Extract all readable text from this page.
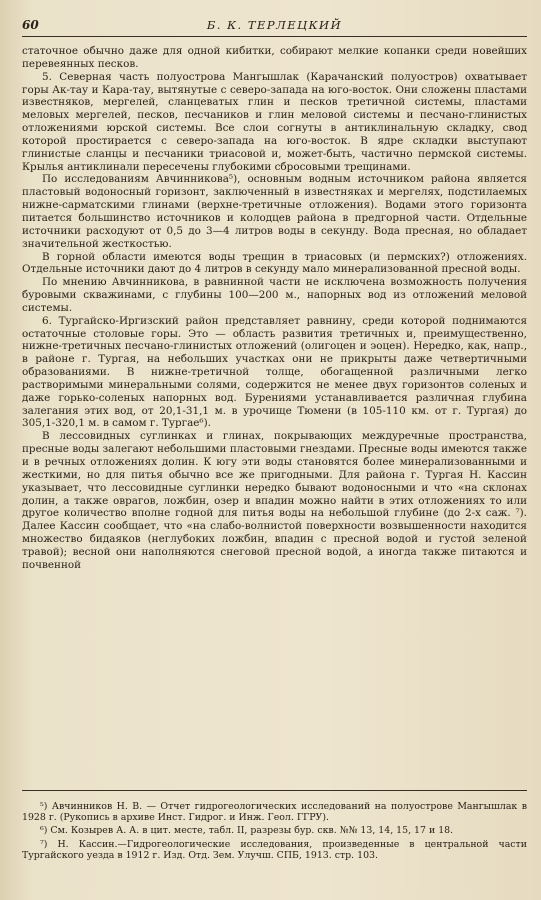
60	Б. К. ТЕРЛЕЦКИЙ

статочное обычно даже для одной кибитки, собирают мелкие копанки среди новейших перевеянных песков.

5. Северная часть полуострова Мангышлак (Карачанский полуостров) охватывает горы Ак-тау и Кара-тау, вытянутые с северо-запада на юго-восток. Они сложены пластами известняков, мергелей, сланцеватых глин и песков третичной системы, пластами меловых мергелей, песков, песчаников и глин меловой системы и песчано-глинистых отложениями юрской системы. Все слои согнуты в антиклинальную складку, свод которой простирается с северо-запада на юго-восток. В ядре складки выступают глинистые сланцы и песчаники триасовой и, может-быть, частично пермской системы. Крылья антиклинали пересечены глубокими сбросовыми трещинами.

По исследованиям Авчинникова⁵), основным водным источником района является пластовый водоносный горизонт, заключенный в известняках и мергелях, подстилаемых нижне-сарматскими глинами (верхне-третичные отложения). Водами этого горизонта питается большинство источников и колодцев района в предгорной части. Отдельные источники расходуют от 0,5 до 3—4 литров воды в секунду. Вода пресная, но обладает значительной жесткостью.

В горной области имеются воды трещин в триасовых (и пермских?) отложениях. Отдельные источники дают до 4 литров в секунду мало минерализованной пресной воды.

По мнению Авчинникова, в равнинной части не исключена возможность получения буровыми скважинами, с глубины 100—200 м., напорных вод из отложений меловой системы.

6. Тургайско-Иргизский район представляет равнину, среди которой поднимаются остаточные столовые горы. Это — область развития третичных и, преимущественно, нижне-третичных песчано-глинистых отложений (олигоцен и эоцен). Нередко, как, напр., в районе г. Тургая, на небольших участках они не прикрыты даже четвертичными образованиями. В нижне-третичной толще, обогащенной различными легко растворимыми минеральными солями, содержится не менее двух горизонтов соленых и даже горько-соленых напорных вод. Бурениями устанавливается различная глубина залегания этих вод, от 20,1-31,1 м. в урочище Тюмени (в 105-110 км. от г. Тургая) до 305,1-320,1 м. в самом г. Тургае⁶).

В лессовидных суглинках и глинах, покрывающих междуречные пространства, пресные воды залегают небольшими пластовыми гнездами. Пресные воды имеются также и в речных отложениях долин. К югу эти воды становятся более минерализованными и жесткими, но для питья обычно все же пригодными. Для района г. Тургая Н. Кассин указывает, что лессовидные суглинки нередко бывают водоносными и что «на склонах долин, а также оврагов, ложбин, озер и впадин можно найти в этих отложениях то или другое количество вполне годной для питья воды на небольшой глубине (до 2-х саж. ⁷). Далее Кассин сообщает, что «на слабо-волнистой поверхности возвышенности находится множество бидаяков (неглубоких ложбин, впадин с пресной водой и густой зеленой травой); весной они наполняются снеговой пресной водой, а иногда также питаются и почвенной

⁵) Авчинников Н. В. — Отчет гидрогеологических исследований на полуострове Мангышлак в 1928 г. (Рукопись в архиве Инст. Гидрог. и Инж. Геол. ГГРУ).

⁶) См. Козырев А. А. в цит. месте, табл. II, разрезы бур. скв. №№ 13, 14, 15, 17 и 18.

⁷) Н. Кассин.—Гидрогеологические исследования, произведенные в центральной части Тургайского уезда в 1912 г. Изд. Отд. Зем. Улучш. СПБ, 1913. стр. 103.
